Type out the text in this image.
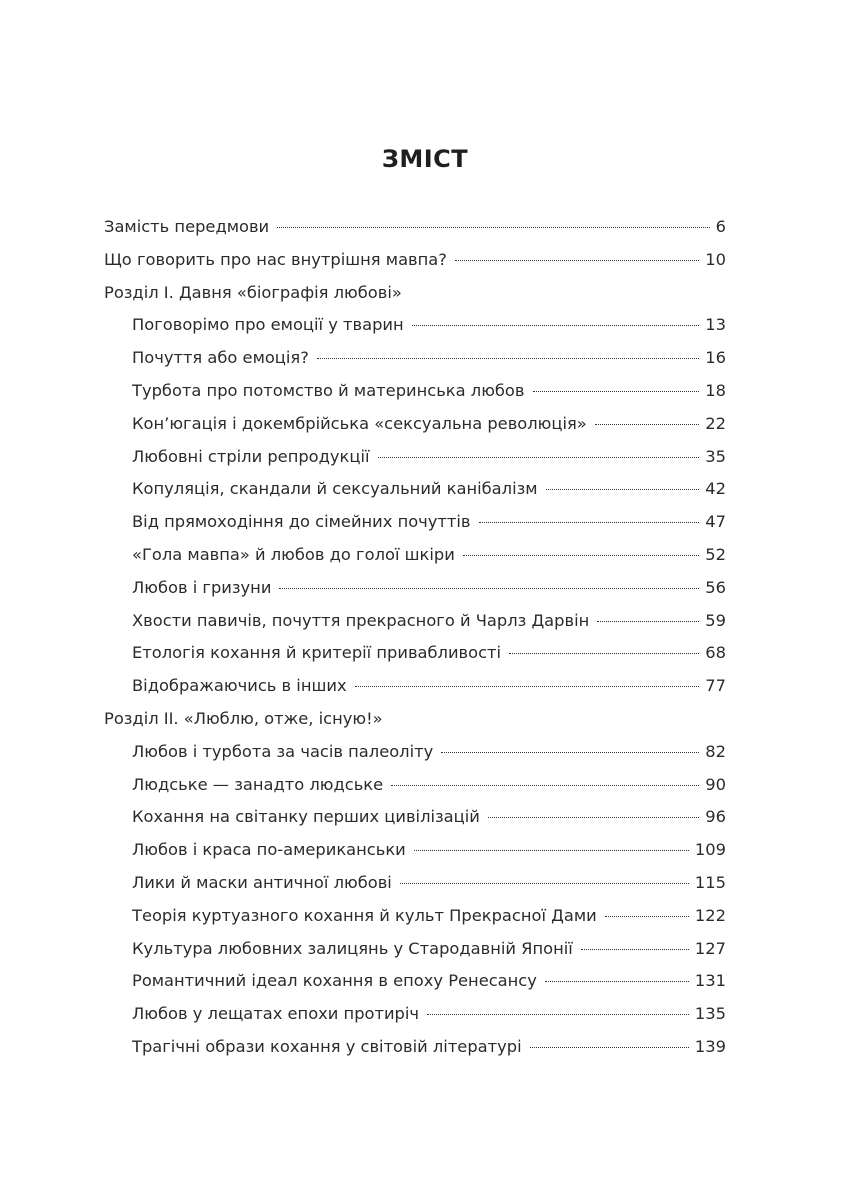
ЗМІСТ
Замість передмови	6
Що говорить про нас внутрішня мавпа?	10
Розділ І. Давня «біографія любові»
Поговорімо про емоції у тварин	13
Почуття або емоція?	16
Турбота про потомство й материнська любов	18
Кон’югація і докембрійська «сексуальна революція»	22
Любовні стріли репродукції	35
Копуляція, скандали й сексуальний канібалізм	42
Від прямоходіння до сімейних почуттів	47
«Гола мавпа» й любов до голої шкіри	52
Любов і гризуни	56
Хвости павичів, почуття прекрасного й Чарлз Дарвін	59
Етологія кохання й критерії привабливості	68
Відображаючись в інших	77
Розділ ІІ. «Люблю, отже, існую!»
Любов і турбота за часів палеоліту	82
Людське — занадто людське	90
Кохання на світанку перших цивілізацій	96
Любов і краса по-американськи	109
Лики й маски античної любові	115
Теорія куртуазного кохання й культ Прекрасної Дами	122
Культура любовних залицянь у Стародавній Японії	127
Романтичний ідеал кохання в епоху Ренесансу	131
Любов у лещатах епохи протиріч	135
Трагічні образи кохання у світовій літературі	139
